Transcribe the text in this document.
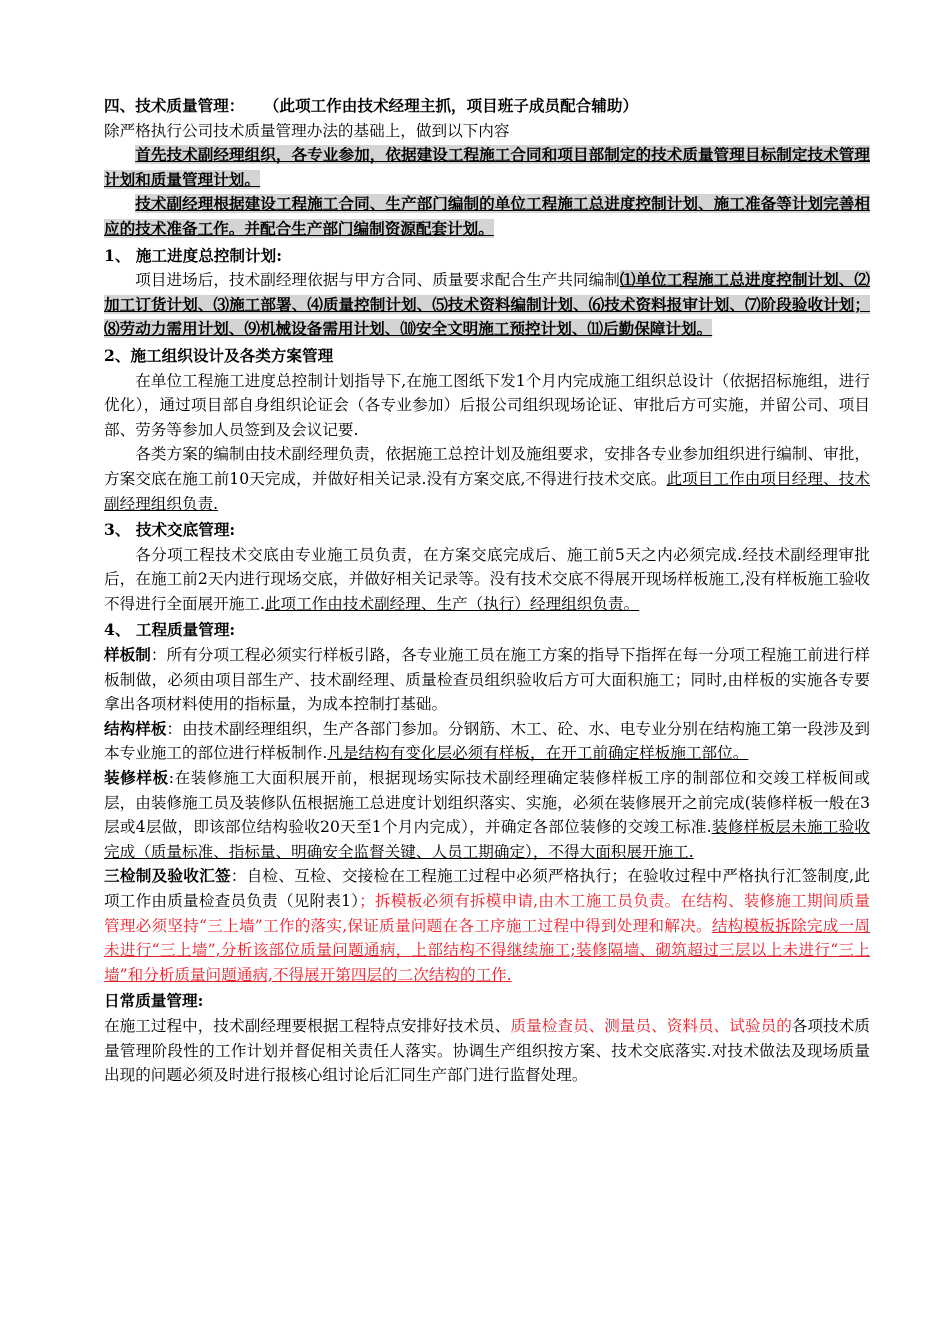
四、技术质量管理： （此项工作由技术经理主抓，项目班子成员配合辅助）

除严格执行公司技术质量管理办法的基础上，做到以下内容

首先技术副经理组织，各专业参加，依据建设工程施工合同和项目部制定的技术质量管理目标制定技术管理计划和质量管理计划。

技术副经理根据建设工程施工合同、生产部门编制的单位工程施工总进度控制计划、施工准备等计划完善相应的技术准备工作。并配合生产部门编制资源配套计划。

1、 施工进度总控制计划:

项目进场后，技术副经理依据与甲方合同、质量要求配合生产共同编制⑴单位工程施工总进度控制计划、⑵加工订货计划、⑶施工部署、⑷质量控制计划、⑸技术资料编制计划、⑹技术资料报审计划、⑺阶段验收计划；⑻劳动力需用计划、⑼机械设备需用计划、⑽安全文明施工预控计划、⑾后勤保障计划。

2、施工组织设计及各类方案管理

在单位工程施工进度总控制计划指导下,在施工图纸下发1个月内完成施工组织总设计（依据招标施组，进行优化），通过项目部自身组织论证会（各专业参加）后报公司组织现场论证、审批后方可实施，并留公司、项目部、劳务等参加人员签到及会议记要.

各类方案的编制由技术副经理负责，依据施工总控计划及施组要求，安排各专业参加组织进行编制、审批，方案交底在施工前10天完成，并做好相关记录.没有方案交底,不得进行技术交底。此项目工作由项目经理、技术副经理组织负责.

3、 技术交底管理:

各分项工程技术交底由专业施工员负责，在方案交底完成后、施工前5天之内必须完成.经技术副经理审批后，在施工前2天内进行现场交底，并做好相关记录等。没有技术交底不得展开现场样板施工,没有样板施工验收不得进行全面展开施工.此项工作由技术副经理、生产（执行）经理组织负责。

4、 工程质量管理:

样板制：所有分项工程必须实行样板引路，各专业施工员在施工方案的指导下指挥在每一分项工程施工前进行样板制做，必须由项目部生产、技术副经理、质量检查员组织验收后方可大面积施工；同时,由样板的实施各专要拿出各项材料使用的指标量，为成本控制打基础。

结构样板：由技术副经理组织，生产各部门参加。分钢筋、木工、砼、水、电专业分别在结构施工第一段涉及到本专业施工的部位进行样板制作.凡是结构有变化层必须有样板，在开工前确定样板施工部位。

装修样板:在装修施工大面积展开前，根据现场实际技术副经理确定装修样板工序的制部位和交竣工样板间或层，由装修施工员及装修队伍根据施工总进度计划组织落实、实施，必须在装修展开之前完成(装修样板一般在3层或4层做，即该部位结构验收20天至1个月内完成），并确定各部位装修的交竣工标准.装修样板层未施工验收完成（质量标准、指标量、明确安全监督关键、人员工期确定），不得大面积展开施工.

三检制及验收汇签：自检、互检、交接检在工程施工过程中必须严格执行；在验收过程中严格执行汇签制度,此项工作由质量检查员负责（见附表1）；拆模板必须有拆模申请,由木工施工员负责。在结构、装修施工期间质量管理必须坚持“三上墙”工作的落实,保证质量问题在各工序施工过程中得到处理和解决。结构模板拆除完成一周未进行“三上墙”,分析该部位质量问题通病，上部结构不得继续施工;装修隔墙、砌筑超过三层以上未进行“三上墙”和分析质量问题通病,不得展开第四层的二次结构的工作.

日常质量管理:

在施工过程中，技术副经理要根据工程特点安排好技术员、质量检查员、测量员、资料员、试验员的各项技术质量管理阶段性的工作计划并督促相关责任人落实。协调生产组织按方案、技术交底落实.对技术做法及现场质量出现的问题必须及时进行报核心组讨论后汇同生产部门进行监督处理。
